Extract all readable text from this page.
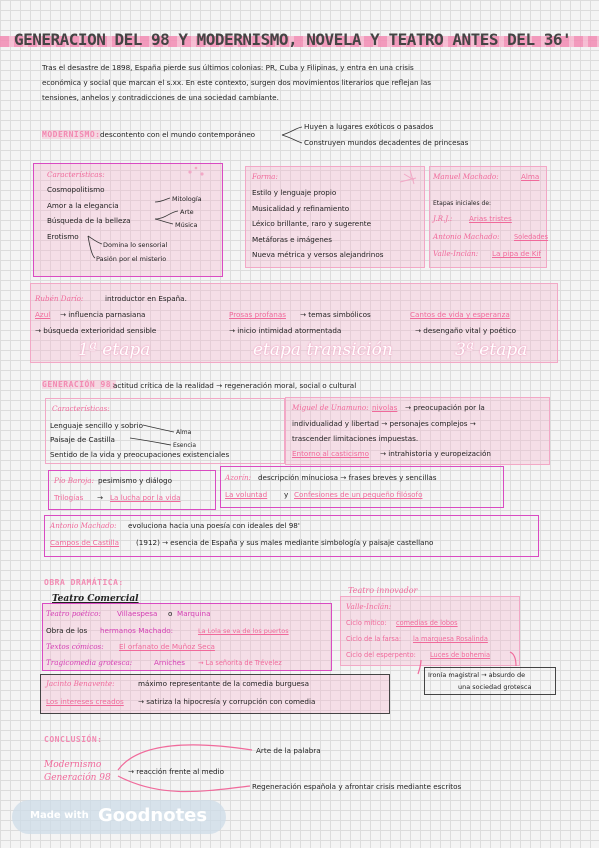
GENERACION DEL 98 Y MODERNISMO, NOVELA Y TEATRO ANTES DEL 36'
Tras el desastre de 1898, España pierde sus últimos colonias: PR, Cuba y Filipinas, y entra en una crisis
económica y social que marcan el s.xx. En este contexto, surgen dos movimientos literarios que reflejan las
tensiones, anhelos y contradicciones de una sociedad cambiante.
MODERNISMO: descontento con el mundo contemporáneo
Huyen a lugares exóticos o pasados
Construyen mundos decadentes de princesas
Características:
Cosmopolitismo
Amor a la elegancia
Búsqueda de la belleza
Erotismo
Mitología
Arte
Música
Domina lo sensorial
Pasión por el misterio
Forma:
Estilo y lenguaje propio
Musicalidad y refinamiento
Léxico brillante, raro y sugerente
Metáforas e imágenes
Nueva métrica y versos alejandrinos
Manuel Machado:	Alma
Etapas iniciales de:
J.R.J.: Arias tristes
Antonio Machado: Soledades
Valle-Inclán: La pipa de Kif
Rubén Darío:	introductor en España.
Azul → influencia parnasiana
→ búsqueda exterioridad sensible
Prosas profanas → temas simbólicos
→ inicio intimidad atormentada
Cantos de vida y esperanza
→ desengaño vital y poético
1ª etapa	etapa transición	3ª etapa
GENERACIÓN 98:
actitud crítica de la realidad → regeneración moral, social o cultural
Características:
Lenguaje sencillo y sobrio
Paisaje de Castilla
Sentido de la vida y preocupaciones existenciales
Alma
Esencia
Miguel de Unamuno: nivolas → preocupación por la
individualidad y libertad → personajes complejos →
trascender limitaciones impuestas.
Entorno al casticismo → intrahistoria y europeización
Pío Baroja: pesimismo y diálogo
Trilogías → La lucha por la vida
Azorín: descripción minuciosa → frases breves y sencillas
La voluntad y Confesiones de un pequeño filósofo
Antonio Machado: evoluciona hacia una poesía con ideales del 98'
Campos de Castilla (1912) → esencia de España y sus males mediante simbología y paisaje castellano
OBRA DRAMÁTICA:
Teatro Comercial
Teatro poético: Villaespesa o Marquina
Obra de los hermanos Machado:	La Lola se va de los puertos
Textos cómicos: El orfanato de Muñoz Seca
Tragicomedia grotesca:	Arniches → La señorita de Trévelez
Teatro innovador
Valle-Inclán:
Ciclo mítico: comedias de lobos
Ciclo de la farsa: la marquesa Rosalinda
Ciclo del esperpento: Luces de bohemia
Ironía magistral → absurdo de
una sociedad grotesca
Jacinto Benavente:	máximo representante de la comedia burguesa
Los intereses creados → satiriza la hipocresía y corrupción con comedia
CONCLUSIÓN:
Modernismo
Generación 98
→ reacción frente al medio
Arte de la palabra
Regeneración española y afrontar crisis mediante escritos
Made with Goodnotes
